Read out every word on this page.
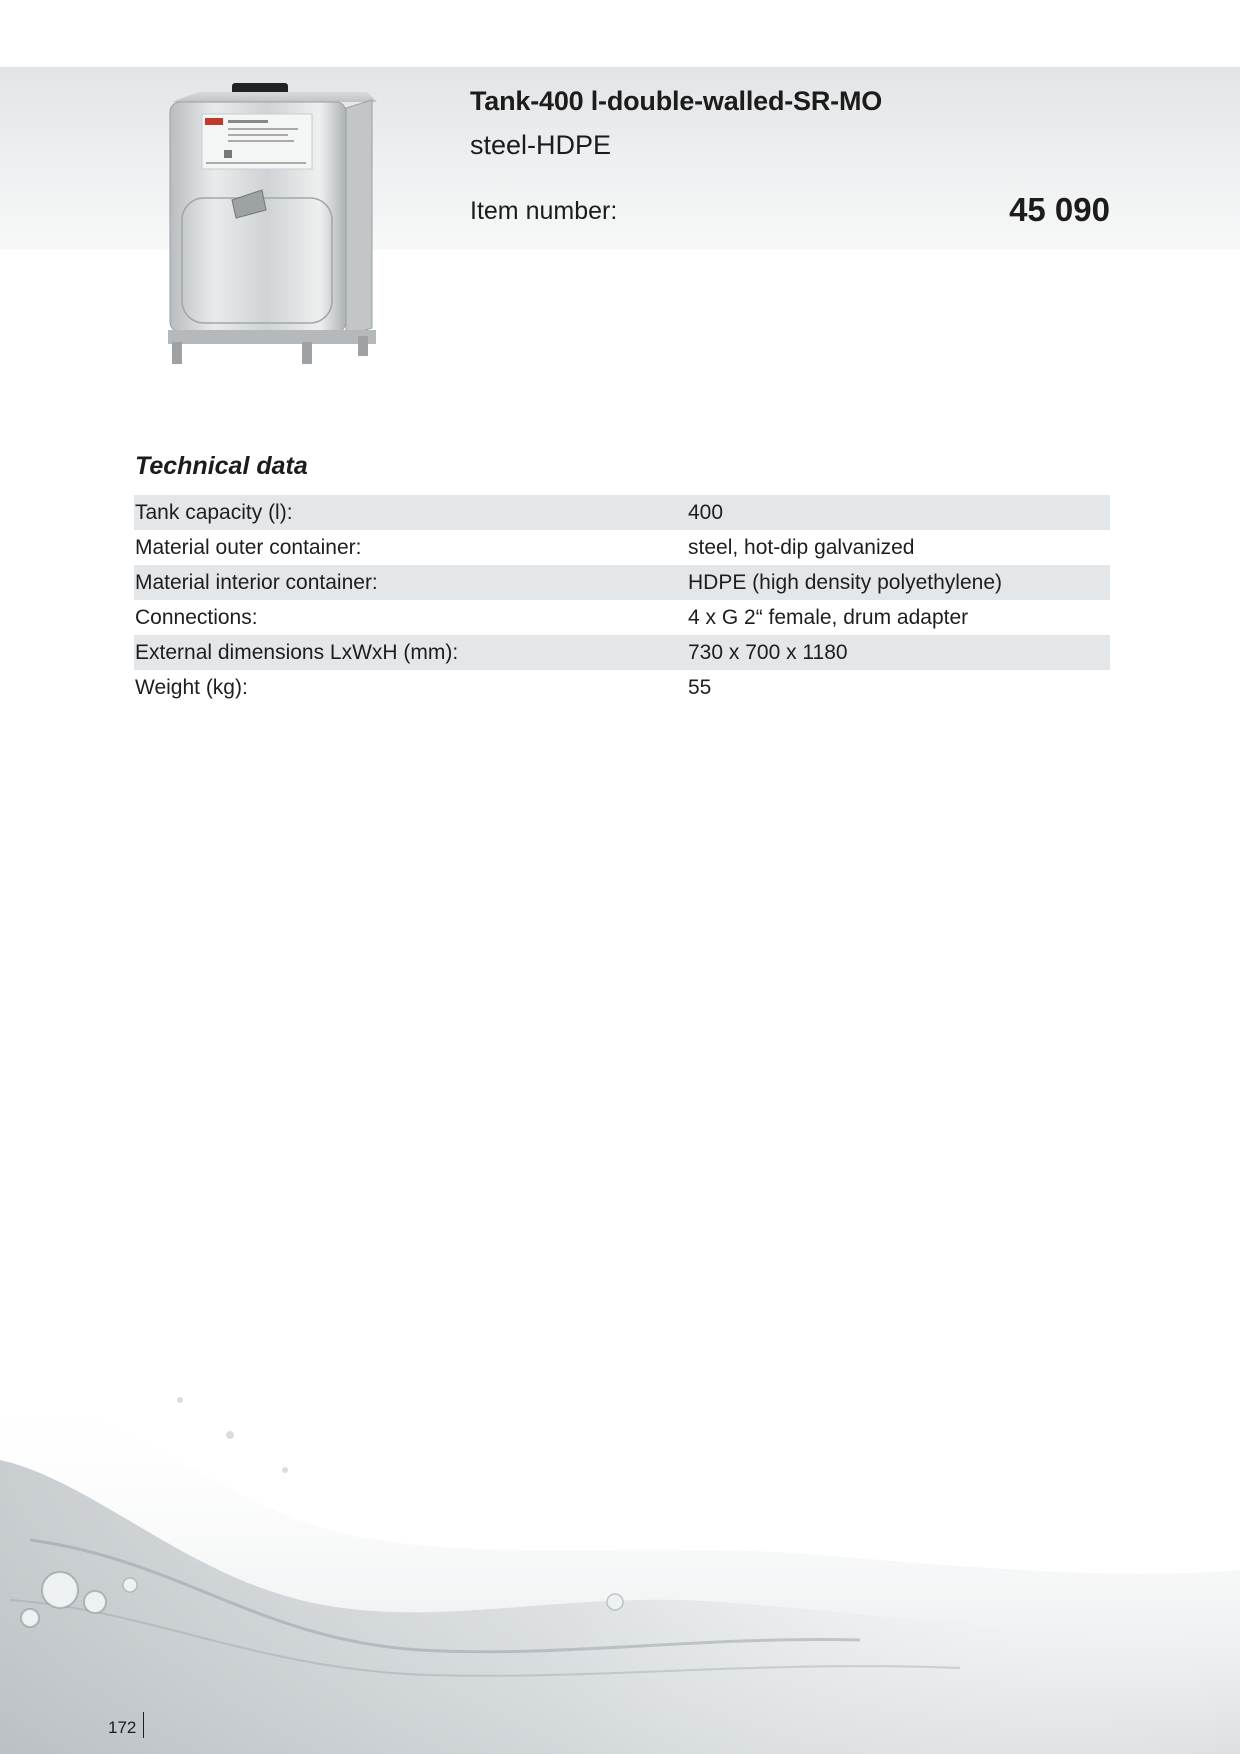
Tank-400 l-double-walled-SR-MO
steel-HDPE
Item number:	45 090
Technical data
Tank capacity (l):	400
Material outer container:	steel, hot-dip galvanized
Material interior container:	HDPE (high density polyethylene)
Connections:	4 x G 2“ female, drum adapter
External dimensions LxWxH (mm):	730 x 700 x 1180
Weight (kg):	55
172
